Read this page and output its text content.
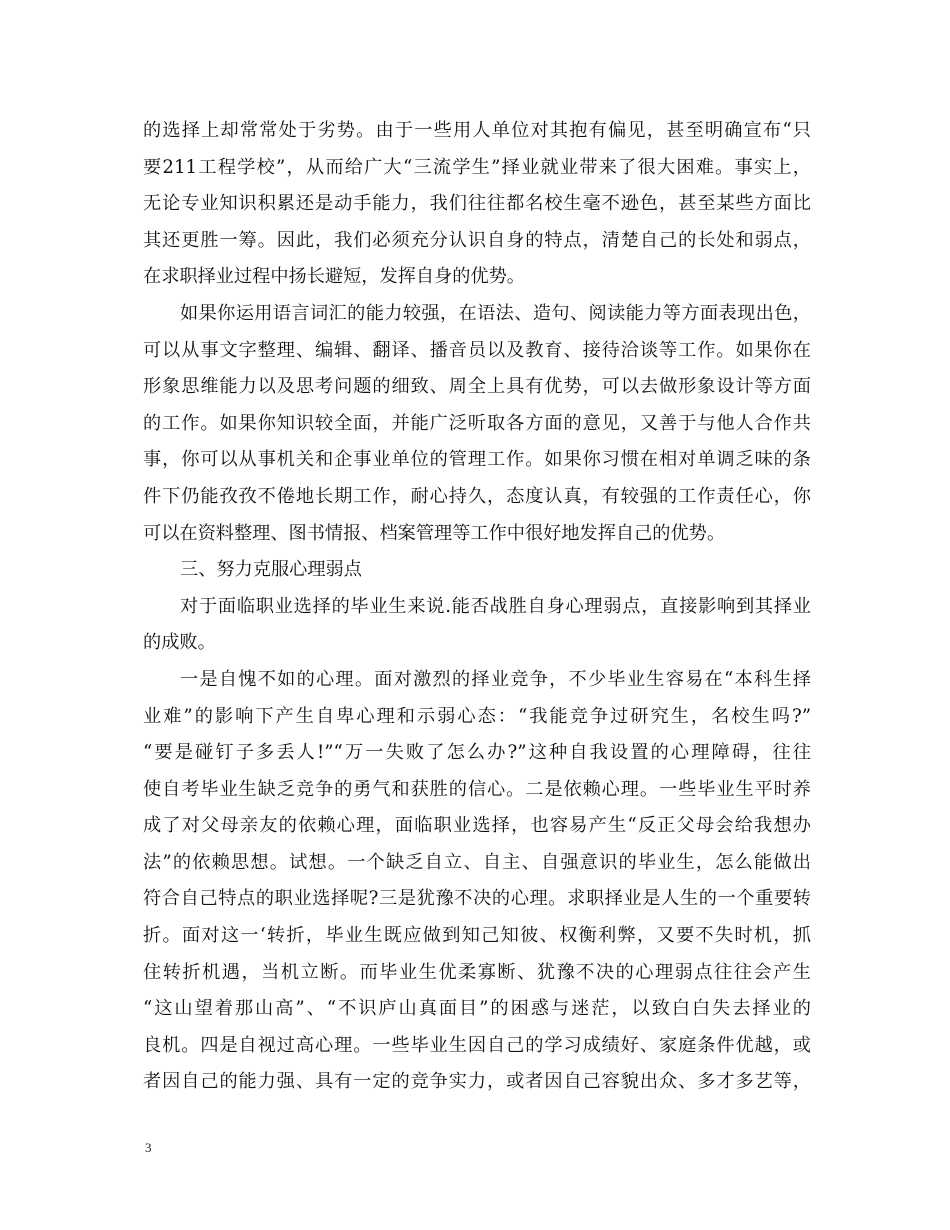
的选择上却常常处于劣势。由于一些用人单位对其抱有偏见，甚至明确宣布“只
要211工程学校”，从而给广大“三流学生”择业就业带来了很大困难。事实上，
无论专业知识积累还是动手能力，我们往往都名校生毫不逊色，甚至某些方面比
其还更胜一筹。因此，我们必须充分认识自身的特点，清楚自己的长处和弱点，
在求职择业过程中扬长避短，发挥自身的优势。
如果你运用语言词汇的能力较强，在语法、造句、阅读能力等方面表现出色，
可以从事文字整理、编辑、翻译、播音员以及教育、接待洽谈等工作。如果你在
形象思维能力以及思考问题的细致、周全上具有优势，可以去做形象设计等方面
的工作。如果你知识较全面，并能广泛听取各方面的意见，又善于与他人合作共
事，你可以从事机关和企事业单位的管理工作。如果你习惯在相对单调乏味的条
件下仍能孜孜不倦地长期工作，耐心持久，态度认真，有较强的工作责任心，你
可以在资料整理、图书情报、档案管理等工作中很好地发挥自己的优势。
三、努力克服心理弱点
对于面临职业选择的毕业生来说.能否战胜自身心理弱点，直接影响到其择业
的成败。
一是自愧不如的心理。面对激烈的择业竞争，不少毕业生容易在“本科生择
业难”的影响下产生自卑心理和示弱心态：“我能竞争过研究生，名校生吗?”
“要是碰钉子多丢人!”“万一失败了怎么办?”这种自我设置的心理障碍，往往
使自考毕业生缺乏竞争的勇气和获胜的信心。二是依赖心理。一些毕业生平时养
成了对父母亲友的依赖心理，面临职业选择，也容易产生“反正父母会给我想办
法”的依赖思想。试想。一个缺乏自立、自主、自强意识的毕业生，怎么能做出
符合自己特点的职业选择呢?三是犹豫不决的心理。求职择业是人生的一个重要转
折。面对这一‘转折，毕业生既应做到知己知彼、权衡利弊，又要不失时机，抓
住转折机遇，当机立断。而毕业生优柔寡断、犹豫不决的心理弱点往往会产生
“这山望着那山高”、“不识庐山真面目”的困惑与迷茫，以致白白失去择业的
良机。四是自视过高心理。一些毕业生因自己的学习成绩好、家庭条件优越，或
者因自己的能力强、具有一定的竞争实力，或者因自己容貌出众、多才多艺等，
3
